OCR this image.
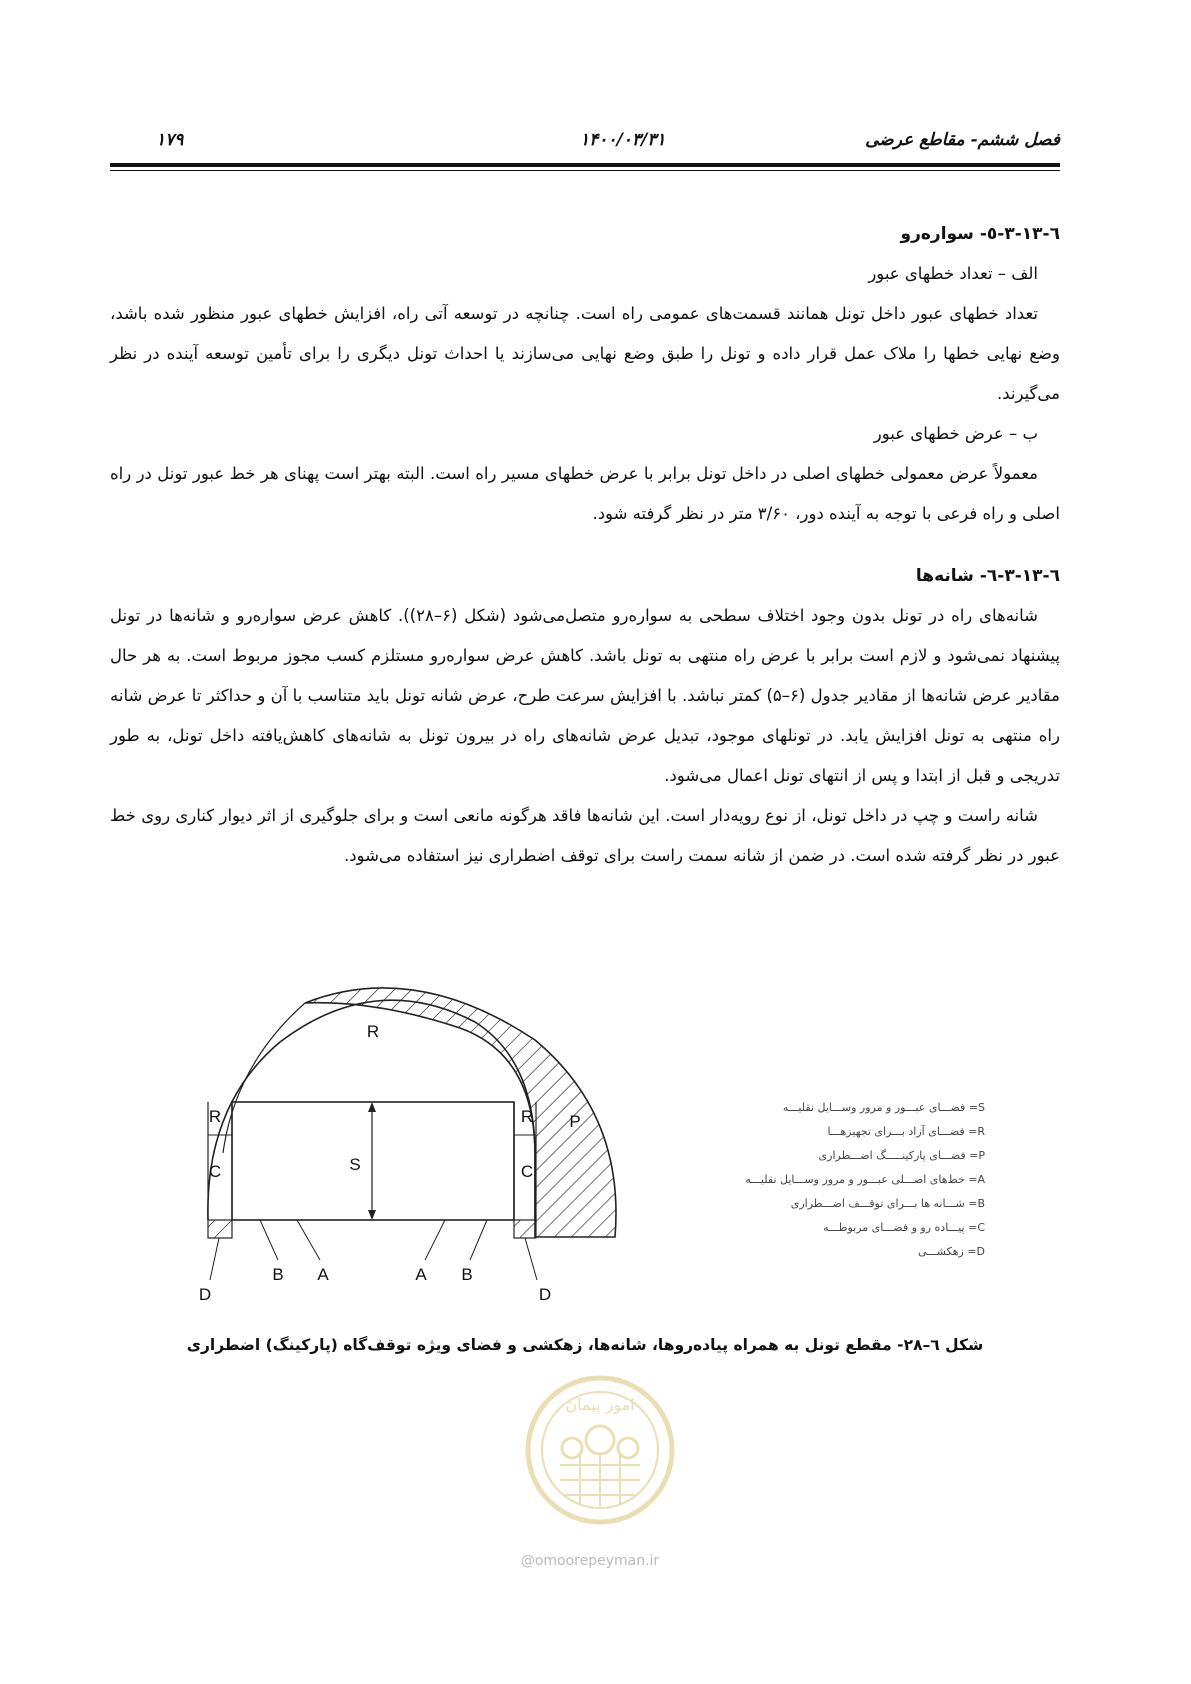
فصل ششم- مقاطع عرضی
۱۴۰۰/۰۳/۳۱
۱۷۹
٦-١٣-٣-٥- سواره‌رو

الف – تعداد خطهای عبور

تعداد خطهای عبور داخل تونل همانند قسمت‌های عمومی راه است. چنانچه در توسعه آتی راه، افزایش خطهای عبور منظور شده باشد، وضع نهایی خطها را ملاک عمل قرار داده و تونل را طبق وضع نهایی می‌سازند یا احداث تونل دیگری را برای تأمین توسعه آینده در نظر می‌گیرند.

ب – عرض خطهای عبور

معمولاً عرض معمولی خطهای اصلی در داخل تونل برابر با عرض خطهای مسیر راه است. البته بهتر است پهنای هر خط عبور تونل در راه اصلی و راه فرعی با توجه به آینده دور، ۳/۶۰ متر در نظر گرفته شود.

٦-١٣-٣-٦- شانه‌ها

شانه‌های راه در تونل بدون وجود اختلاف سطحی به سواره‌رو متصل‌می‌شود (شکل (۶–۲۸)). کاهش عرض سواره‌رو و شانه‌ها در تونل پیشنهاد نمی‌شود و لازم است برابر با عرض راه منتهی به تونل باشد. کاهش عرض سواره‌رو مستلزم کسب مجوز مربوط است. به هر حال مقادیر عرض شانه‌ها از مقادیر جدول (۶–۵) کمتر نباشد. با افزایش سرعت طرح، عرض شانه تونل باید متناسب با آن و حداکثر تا عرض شانه راه منتهی به تونل افزایش یابد. در تونلهای موجود، تبدیل عرض شانه‌های راه در بیرون تونل به شانه‌های کاهش‌یافته داخل تونل، به طور تدریجی و قبل از ابتدا و پس از انتهای تونل اعمال می‌شود.

شانه راست و چپ در داخل تونل، از نوع رویه‌دار است. این شانه‌ها فاقد هرگونه مانعی است و برای جلوگیری از اثر دیوار کناری روی خط عبور در نظر گرفته شده است. در ضمن از شانه سمت راست برای توقف اضطراری نیز استفاده می‌شود.

R
S
R
C
R
C
P
D
B A	A B
D
S= فضـــای عبـــور و مرور وســـایل نقلیـــه
R= فضـــای آزاد بـــرای تجهیزهـــا
P= فضـــای پارکینـــــگ اضـــطراری
A= خط‌های اصـــلی عبـــور و مرور وســـایل نقلیـــه
B= شـــانه ها بـــرای توقـــف اضـــطراری
C= پیـــاده رو و فضـــای مربوطـــه
D= زهکشـــی
شکل ٦–٢٨- مقطع تونل به همراه پیاده‌روها، شانه‌ها، زهکشی و فضای ویژه توقف‌گاه (پارکینگ) اضطراری
امور پیمان
@omoorepeyman.ir
